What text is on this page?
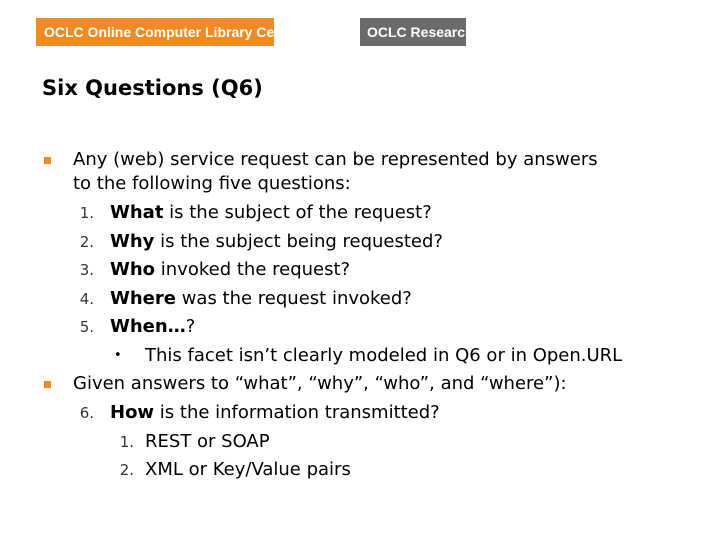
OCLC Online Computer Library Center	OCLC Research
Six Questions (Q6)
Any (web) service request can be represented by answers
to the following five questions:
1. What is the subject of the request?
2. Why is the subject being requested?
3. Who invoked the request?
4. Where was the request invoked?
5. When…?
• This facet isn’t clearly modeled in Q6 or in Open.URL
Given answers to “what”, “why”, “who”, and “where”):
6. How is the information transmitted?
1. REST or SOAP
2. XML or Key/Value pairs
